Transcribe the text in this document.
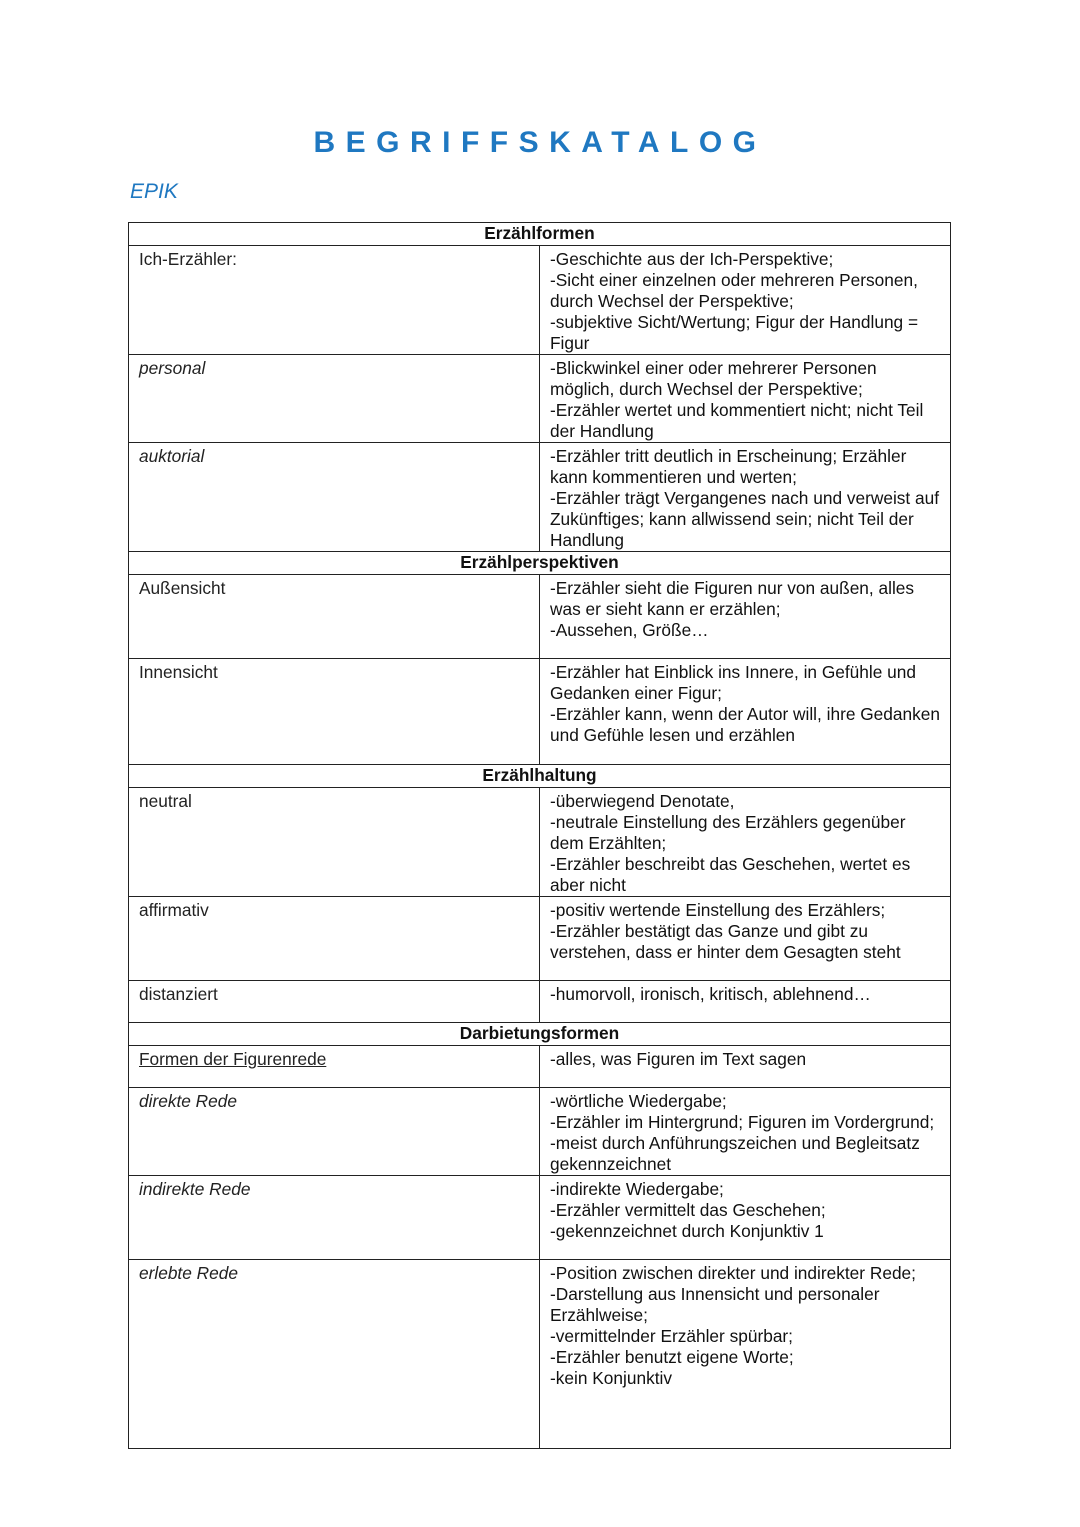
BEGRIFFSKATALOG
EPIK
Erzählformen	
Ich-Erzähler:	-Geschichte aus der Ich-Perspektive;
-Sicht einer einzelnen oder mehreren Personen, durch Wechsel der Perspektive;
-subjektive Sicht/Wertung; Figur der Handlung = Figur

personal	-Blickwinkel einer oder mehrerer Personen möglich, durch Wechsel der Perspektive;
-Erzähler wertet und kommentiert nicht; nicht Teil der Handlung

auktorial	-Erzähler tritt deutlich in Erscheinung; Erzähler kann kommentieren und werten;
-Erzähler trägt Vergangenes nach und verweist auf Zukünftiges; kann allwissend sein; nicht Teil der Handlung

Erzählperspektiven	
Außensicht	-Erzähler sieht die Figuren nur von außen, alles was er sieht kann er erzählen;
-Aussehen, Größe…

Innensicht	-Erzähler hat Einblick ins Innere, in Gefühle und Gedanken einer Figur;
-Erzähler kann, wenn der Autor will, ihre Gedanken und Gefühle lesen und erzählen

Erzählhaltung	
neutral	-überwiegend Denotate,
-neutrale Einstellung des Erzählers gegenüber dem Erzählten;
-Erzähler beschreibt das Geschehen, wertet es aber nicht

affirmativ	-positiv wertende Einstellung des Erzählers;
-Erzähler bestätigt das Ganze und gibt zu verstehen, dass er hinter dem Gesagten steht

distanziert	-humorvoll, ironisch, kritisch, ablehnend…

Darbietungsformen	
Formen der Figurenrede	-alles, was Figuren im Text sagen

direkte Rede	-wörtliche Wiedergabe;
-Erzähler im Hintergrund; Figuren im Vordergrund;
-meist durch Anführungszeichen und Begleitsatz gekennzeichnet

indirekte Rede	-indirekte Wiedergabe;
-Erzähler vermittelt das Geschehen;
-gekennzeichnet durch Konjunktiv 1

erlebte Rede	-Position zwischen direkter und indirekter Rede;
-Darstellung aus Innensicht und personaler Erzählweise;
-vermittelnder Erzähler spürbar;
-Erzähler benutzt eigene Worte;
-kein Konjunktiv
